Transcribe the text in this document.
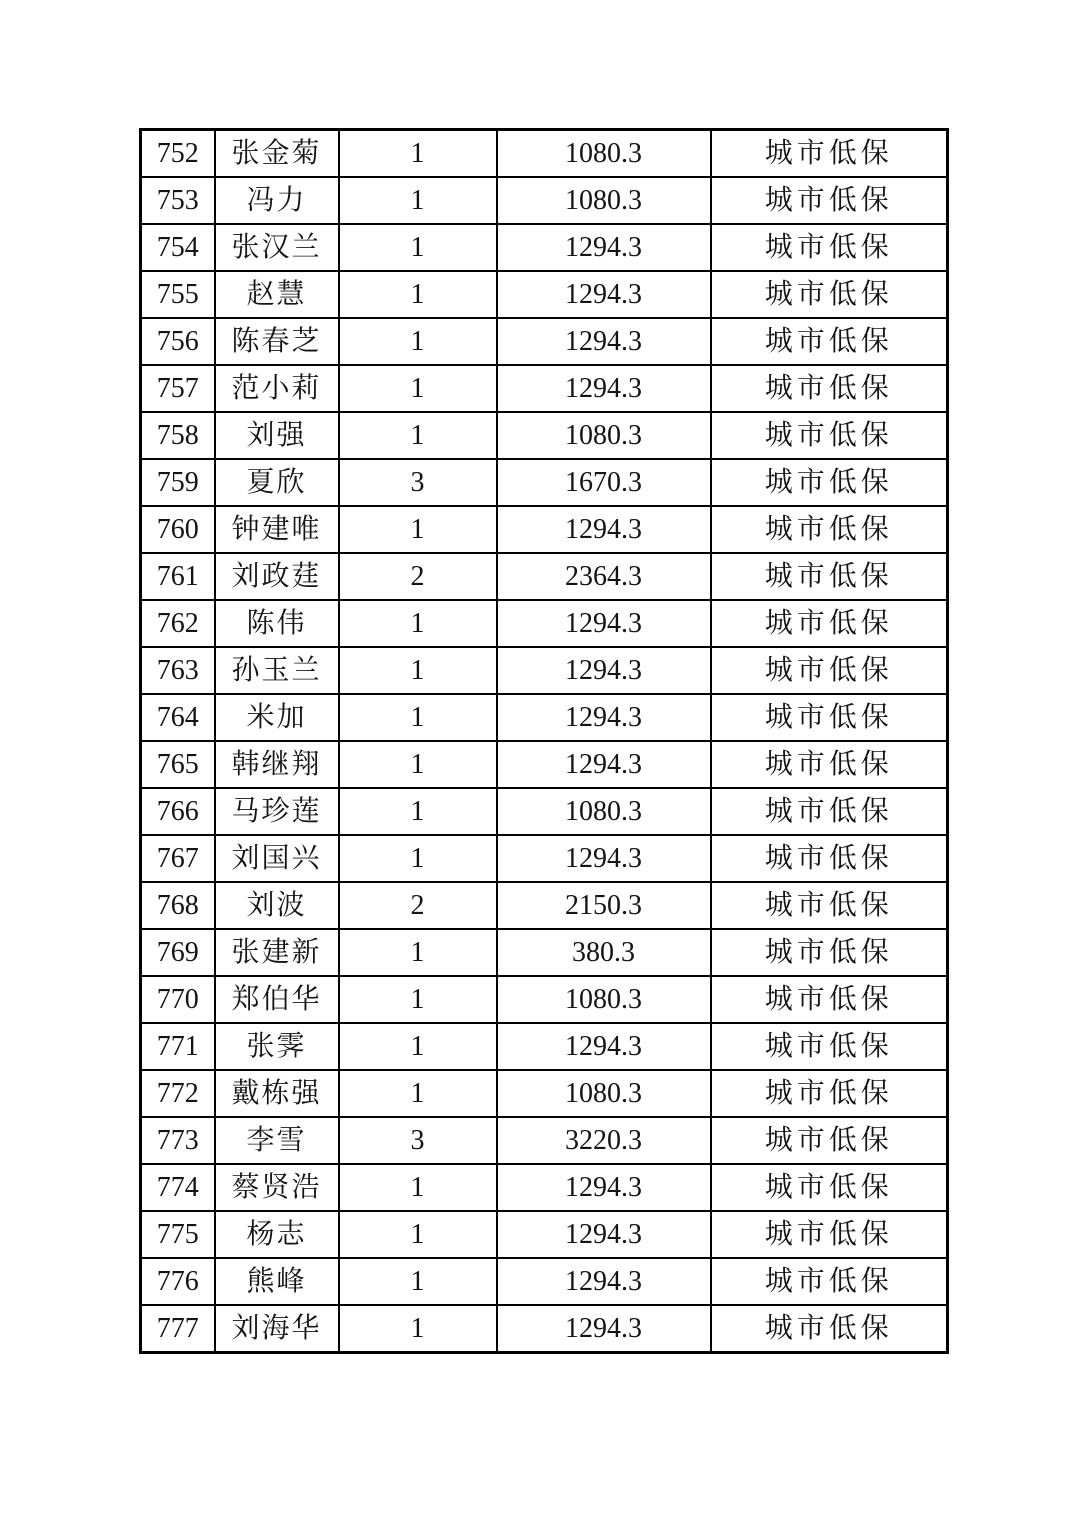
752	张金菊	1	1080.3	城市低保
753	冯力	1	1080.3	城市低保
754	张汉兰	1	1294.3	城市低保
755	赵慧	1	1294.3	城市低保
756	陈春芝	1	1294.3	城市低保
757	范小莉	1	1294.3	城市低保
758	刘强	1	1080.3	城市低保
759	夏欣	3	1670.3	城市低保
760	钟建唯	1	1294.3	城市低保
761	刘政莛	2	2364.3	城市低保
762	陈伟	1	1294.3	城市低保
763	孙玉兰	1	1294.3	城市低保
764	米加	1	1294.3	城市低保
765	韩继翔	1	1294.3	城市低保
766	马珍莲	1	1080.3	城市低保
767	刘国兴	1	1294.3	城市低保
768	刘波	2	2150.3	城市低保
769	张建新	1	380.3	城市低保
770	郑伯华	1	1080.3	城市低保
771	张霁	1	1294.3	城市低保
772	戴栋强	1	1080.3	城市低保
773	李雪	3	3220.3	城市低保
774	蔡贤浩	1	1294.3	城市低保
775	杨志	1	1294.3	城市低保
776	熊峰	1	1294.3	城市低保
777	刘海华	1	1294.3	城市低保
